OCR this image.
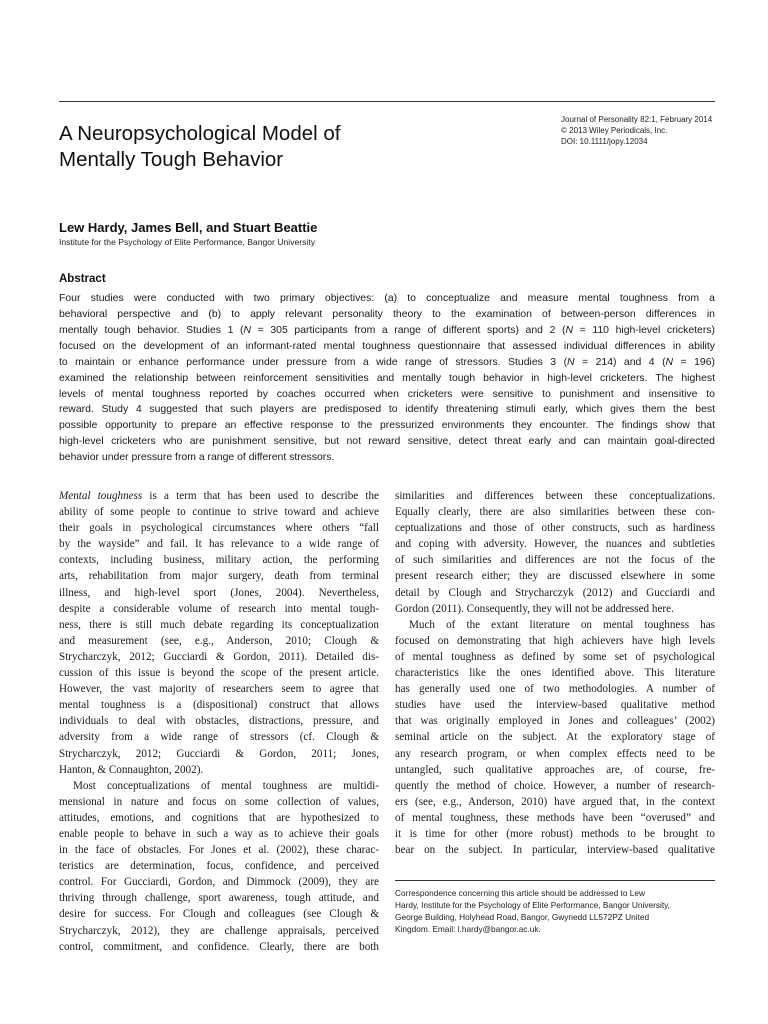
Journal of Personality 82:1, February 2014
© 2013 Wiley Periodicals, Inc.
DOI: 10.1111/jopy.12034
A Neuropsychological Model of
Mentally Tough Behavior
Lew Hardy, James Bell, and Stuart Beattie
Institute for the Psychology of Elite Performance, Bangor University
Abstract
Four studies were conducted with two primary objectives: (a) to conceptualize and measure mental toughness from a
behavioral perspective and (b) to apply relevant personality theory to the examination of between-person differences in
mentally tough behavior. Studies 1 (N = 305 participants from a range of different sports) and 2 (N = 110 high-level cricketers)
focused on the development of an informant-rated mental toughness questionnaire that assessed individual differences in ability
to maintain or enhance performance under pressure from a wide range of stressors. Studies 3 (N = 214) and 4 (N = 196)
examined the relationship between reinforcement sensitivities and mentally tough behavior in high-level cricketers. The highest
levels of mental toughness reported by coaches occurred when cricketers were sensitive to punishment and insensitive to
reward. Study 4 suggested that such players are predisposed to identify threatening stimuli early, which gives them the best
possible opportunity to prepare an effective response to the pressurized environments they encounter. The findings show that
high-level cricketers who are punishment sensitive, but not reward sensitive, detect threat early and can maintain goal-directed
behavior under pressure from a range of different stressors.
Mental toughness is a term that has been used to describe the
ability of some people to continue to strive toward and achieve
their goals in psychological circumstances where others “fall
by the wayside” and fail. It has relevance to a wide range of
contexts, including business, military action, the performing
arts, rehabilitation from major surgery, death from terminal
illness, and high-level sport (Jones, 2004). Nevertheless,
despite a considerable volume of research into mental tough-
ness, there is still much debate regarding its conceptualization
and measurement (see, e.g., Anderson, 2010; Clough &
Strycharczyk, 2012; Gucciardi & Gordon, 2011). Detailed dis-
cussion of this issue is beyond the scope of the present article.
However, the vast majority of researchers seem to agree that
mental toughness is a (dispositional) construct that allows
individuals to deal with obstacles, distractions, pressure, and
adversity from a wide range of stressors (cf. Clough &
Strycharczyk, 2012; Gucciardi & Gordon, 2011; Jones,
Hanton, & Connaughton, 2002).
Most conceptualizations of mental toughness are multidi-
mensional in nature and focus on some collection of values,
attitudes, emotions, and cognitions that are hypothesized to
enable people to behave in such a way as to achieve their goals
in the face of obstacles. For Jones et al. (2002), these charac-
teristics are determination, focus, confidence, and perceived
control. For Gucciardi, Gordon, and Dimmock (2009), they are
thriving through challenge, sport awareness, tough attitude, and
desire for success. For Clough and colleagues (see Clough &
Strycharczyk, 2012), they are challenge appraisals, perceived
control, commitment, and confidence. Clearly, there are both
similarities and differences between these conceptualizations.
Equally clearly, there are also similarities between these con-
ceptualizations and those of other constructs, such as hardiness
and coping with adversity. However, the nuances and subtleties
of such similarities and differences are not the focus of the
present research either; they are discussed elsewhere in some
detail by Clough and Strycharczyk (2012) and Gucciardi and
Gordon (2011). Consequently, they will not be addressed here.
Much of the extant literature on mental toughness has
focused on demonstrating that high achievers have high levels
of mental toughness as defined by some set of psychological
characteristics like the ones identified above. This literature
has generally used one of two methodologies. A number of
studies have used the interview-based qualitative method
that was originally employed in Jones and colleagues’ (2002)
seminal article on the subject. At the exploratory stage of
any research program, or when complex effects need to be
untangled, such qualitative approaches are, of course, fre-
quently the method of choice. However, a number of research-
ers (see, e.g., Anderson, 2010) have argued that, in the context
of mental toughness, these methods have been “overused” and
it is time for other (more robust) methods to be brought to
bear on the subject. In particular, interview-based qualitative
Correspondence concerning this article should be addressed to Lew
Hardy, Institute for the Psychology of Elite Performance, Bangor University,
George Building, Holyhead Road, Bangor, Gwynedd LL572PZ United
Kingdom. Email: l.hardy@bangor.ac.uk.
